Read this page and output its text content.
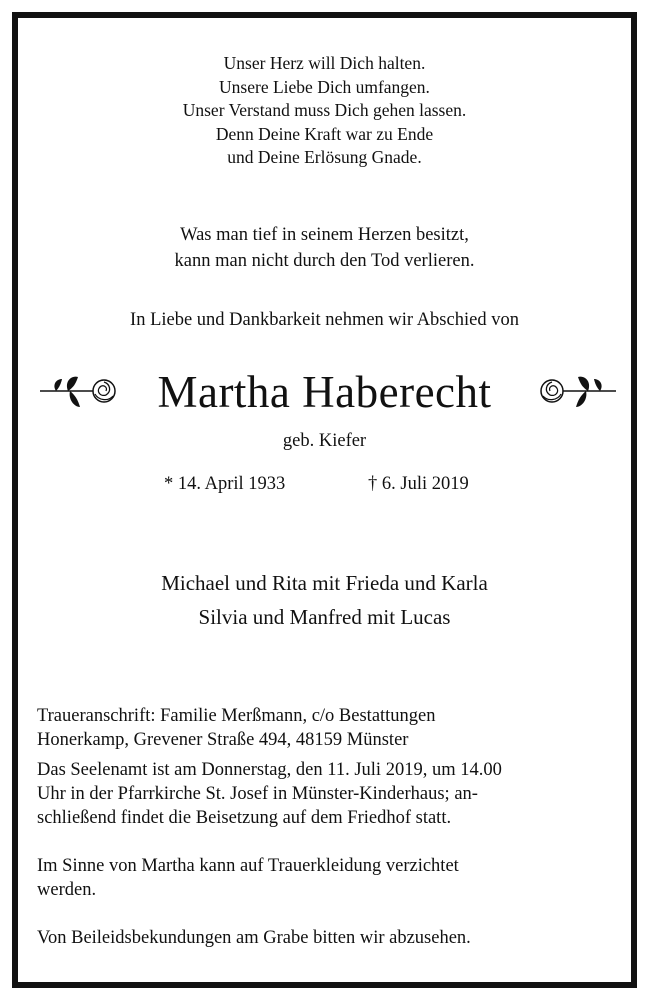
Unser Herz will Dich halten.
Unsere Liebe Dich umfangen.
Unser Verstand muss Dich gehen lassen.
Denn Deine Kraft war zu Ende
und Deine Erlösung Gnade.
Was man tief in seinem Herzen besitzt,
kann man nicht durch den Tod verlieren.
In Liebe und Dankbarkeit nehmen wir Abschied von
Martha Haberecht
geb. Kiefer
* 14. April 1933	† 6. Juli 2019
Michael und Rita mit Frieda und Karla
Silvia und Manfred mit Lucas
Traueranschrift: Familie Merßmann, c/o Bestattungen
Honerkamp, Grevener Straße 494, 48159 Münster
Das Seelenamt ist am Donnerstag, den 11. Juli 2019, um 14.00
Uhr in der Pfarrkirche St. Josef in Münster-Kinderhaus; an-
schließend findet die Beisetzung auf dem Friedhof statt.
Im Sinne von Martha kann auf Trauerkleidung verzichtet
werden.
Von Beileidsbekundungen am Grabe bitten wir abzusehen.
